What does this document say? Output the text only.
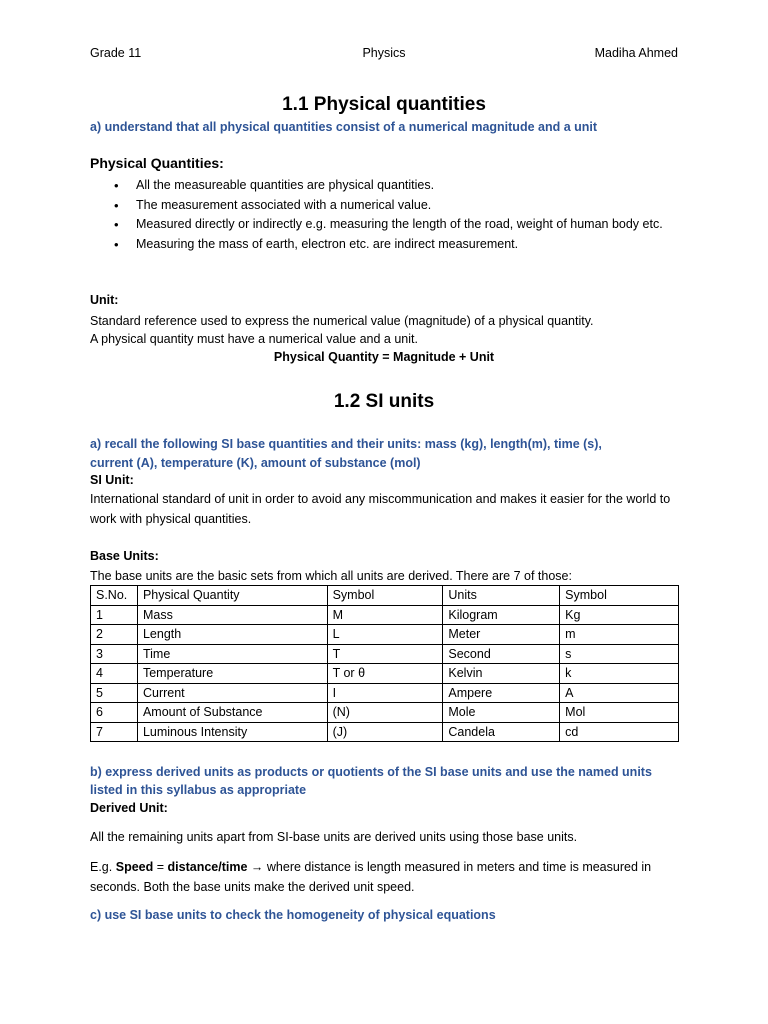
Grade 11	Physics	Madiha Ahmed
1.1 Physical quantities
a) understand that all physical quantities consist of a numerical magnitude and a unit
Physical Quantities:
• All the measureable quantities are physical quantities.
• The measurement associated with a numerical value.
• Measured directly or indirectly e.g. measuring the length of the road, weight of human body etc.
• Measuring the mass of earth, electron etc. are indirect measurement.
Unit:
Standard reference used to express the numerical value (magnitude) of a physical quantity.
A physical quantity must have a numerical value and a unit.
Physical Quantity = Magnitude + Unit
1.2 SI units
a) recall the following SI base quantities and their units: mass (kg), length(m), time (s),
current (A), temperature (K), amount of substance (mol)
SI Unit:
International standard of unit in order to avoid any miscommunication and makes it easier for the world to work with physical quantities.
Base Units:
The base units are the basic sets from which all units are derived. There are 7 of those:
S.No.	Physical Quantity	Symbol	Units	Symbol
1	Mass	M	Kilogram	Kg
2	Length	L	Meter	m
3	Time	T	Second	s
4	Temperature	T or θ	Kelvin	k
5	Current	I	Ampere	A
6	Amount of Substance	(N)	Mole	Mol
7	Luminous Intensity	(J)	Candela	cd
b) express derived units as products or quotients of the SI base units and use the named units
listed in this syllabus as appropriate
Derived Unit:
All the remaining units apart from SI-base units are derived units using those base units.
E.g. Speed = distance/time → where distance is length measured in meters and time is measured in seconds. Both the base units make the derived unit speed.
c) use SI base units to check the homogeneity of physical equations
